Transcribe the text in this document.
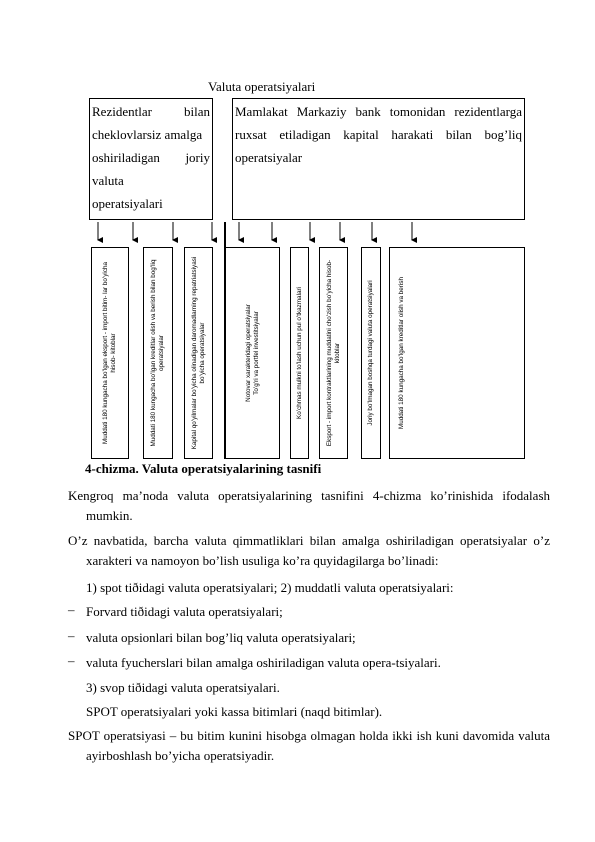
Valuta operatsiyalari
Rezidentlar bilan
cheklovlarsiz amalga
oshiriladigan joriy
valuta
operatsiyalari
Mamlakat Markaziy bank tomonidan rezidentlarga ruxsat etiladigan kapital harakati bilan bog’liq operatsiyalar
Muddati 180 kungacha bo’lgan eksport - import bitim- lar bo’yicha hisob- kitoblar	Muddati 180 kungacha bo’lgan kreditlar olish va berish bilan bog’liq operatsiyalar	Kapital qo’yilmalar bo’yicha olinadigan daromadlarning repatriatsiyasi bo’yicha operatsiyalar	Notovar xarakteridagi operatsiyalar To’g’ri va portfel investitsiyalar	Ko’chmas mulkni to’lash uchun pul o’tkazmalari	Eksport - import kontraktlarining muddatini cho’zish bo’yicha hisob- kitoblar	Joriy bo’lmagan boshqa turdagi valuta operatsiyalari	Muddati 180 kungacha bo’lgan kreditlar olish va berish
4-chizma. Valuta operatsiyalarining tasnifi
Kengroq ma’noda valuta operatsiyalarining tasnifini 4-chizma ko’rinishida ifodalash mumkin.
O’z navbatida, barcha valuta qimmatliklari bilan amalga oshiriladigan operatsiyalar o’z xarakteri va namoyon bo’lish usuliga ko’ra quyidagilarga bo’linadi:
1) spot tiðidagi valuta operatsiyalari; 2) muddatli valuta operatsiyalari:
– Forvard tiðidagi valuta operatsiyalari;
– valuta opsionlari bilan bog’liq valuta operatsiyalari;
– valuta fyucherslari bilan amalga oshiriladigan valuta opera-tsiyalari.
3) svop tiðidagi valuta operatsiyalari.
SPOT operatsiyalari yoki kassa bitimlari (naqd bitimlar).
SPOT operatsiyasi – bu bitim kunini hisobga olmagan holda ikki ish kuni davomida valuta ayirboshlash bo’yicha operatsiyadir.
